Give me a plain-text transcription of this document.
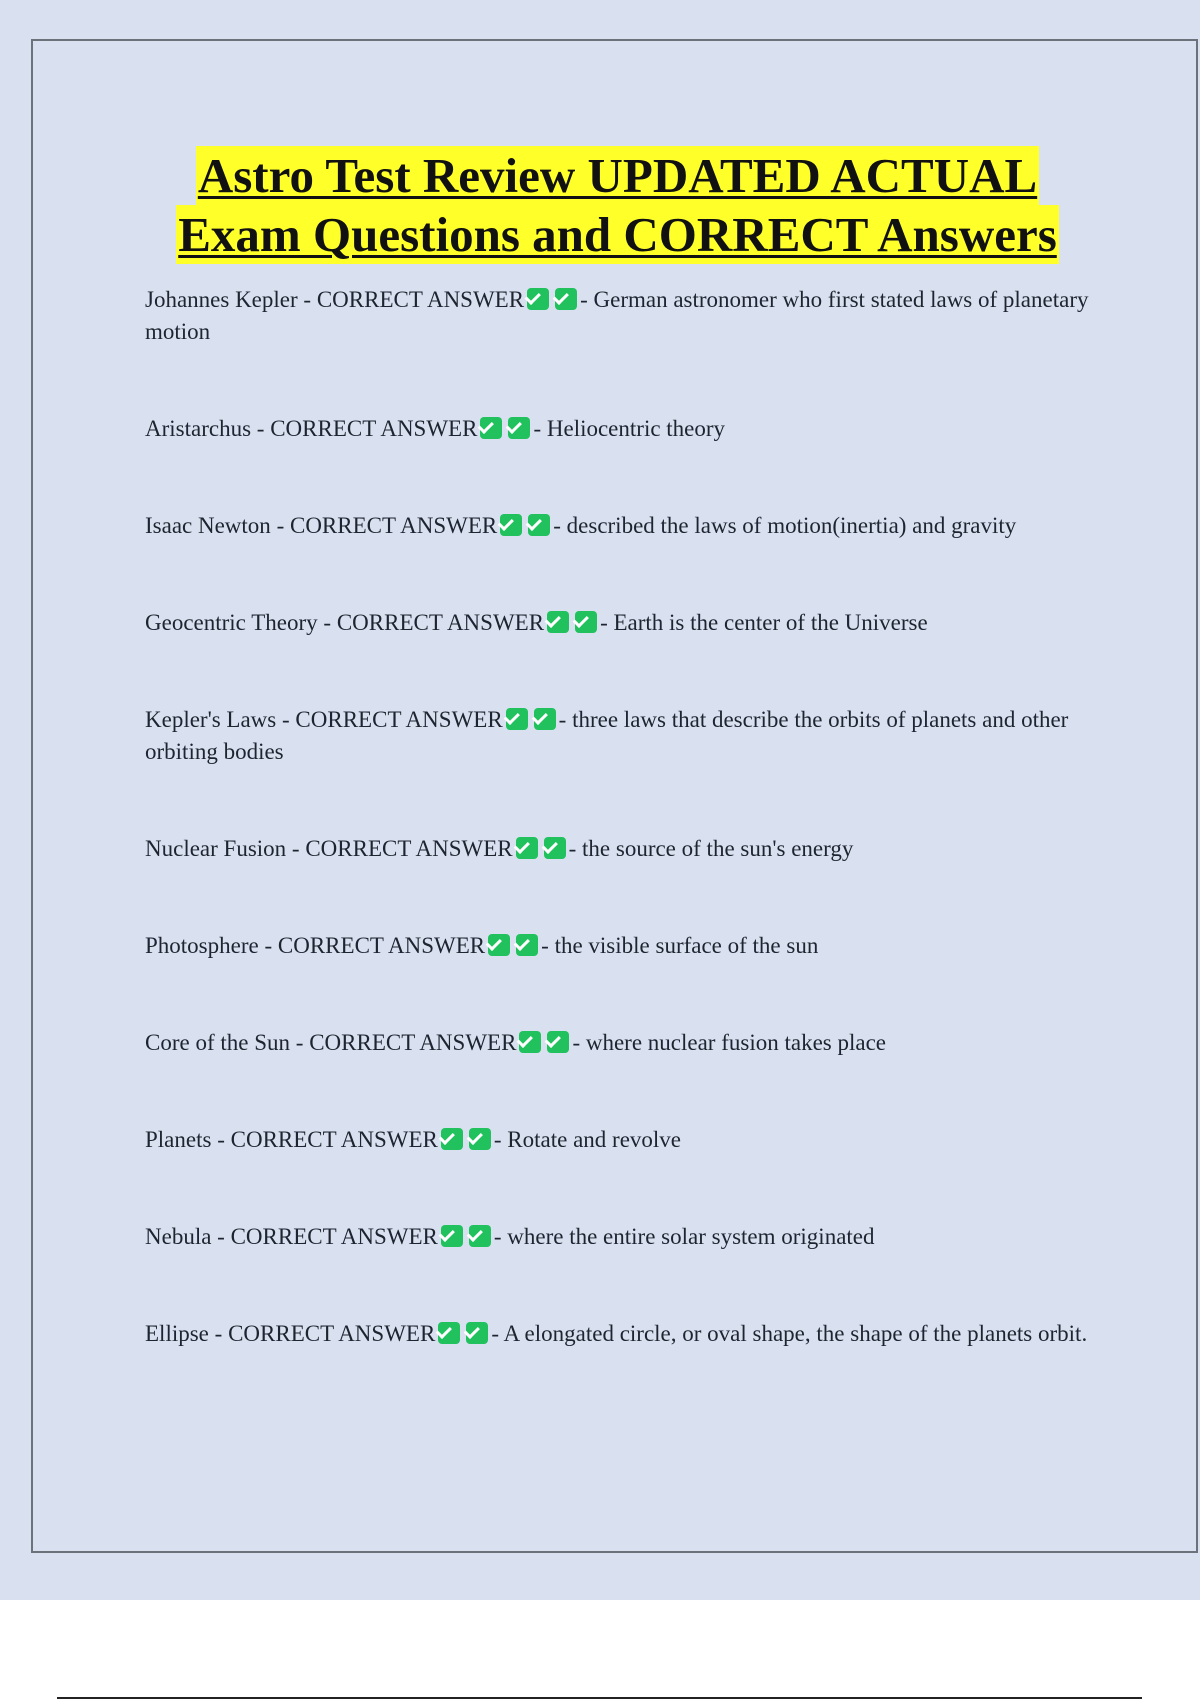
Astro Test Review UPDATED ACTUAL
Exam Questions and CORRECT Answers
Johannes Kepler - CORRECT ANSWER - German astronomer who first stated laws of planetary motion
Aristarchus - CORRECT ANSWER - Heliocentric theory
Isaac Newton - CORRECT ANSWER - described the laws of motion(inertia) and gravity
Geocentric Theory - CORRECT ANSWER - Earth is the center of the Universe
Kepler's Laws - CORRECT ANSWER - three laws that describe the orbits of planets and other orbiting bodies
Nuclear Fusion - CORRECT ANSWER - the source of the sun's energy
Photosphere - CORRECT ANSWER - the visible surface of the sun
Core of the Sun - CORRECT ANSWER - where nuclear fusion takes place
Planets - CORRECT ANSWER - Rotate and revolve
Nebula - CORRECT ANSWER - where the entire solar system originated
Ellipse - CORRECT ANSWER - A elongated circle, or oval shape, the shape of the planets orbit.
